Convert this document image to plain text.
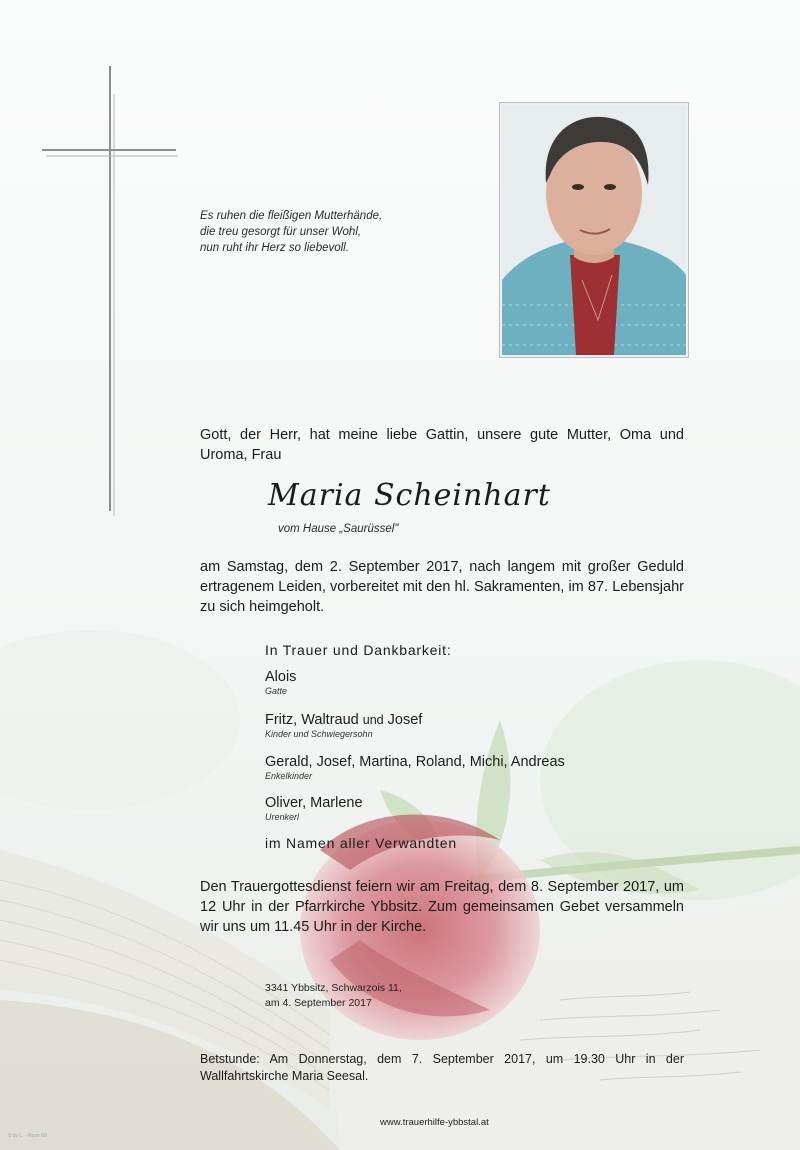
Es ruhen die fleißigen Mutterhände,
die treu gesorgt für unser Wohl,
nun ruht ihr Herz so liebevoll.
Gott, der Herr, hat meine liebe Gattin, unsere gute Mutter, Oma und Uroma, Frau
Maria Scheinhart
vom Hause „Saurüssel"
am Samstag, dem 2. September 2017, nach langem mit großer Geduld ertragenem Leiden, vorbereitet mit den hl. Sakramenten, im 87. Lebensjahr zu sich heimgeholt.
In Trauer und Dankbarkeit:
Alois
Gatte
Fritz, Waltraud und Josef
Kinder und Schwiegersohn
Gerald, Josef, Martina, Roland, Michi, Andreas
Enkelkinder
Oliver, Marlene
Urenkerl
im Namen aller Verwandten
Den Trauergottesdienst feiern wir am Freitag, dem 8. September 2017, um 12 Uhr in der Pfarrkirche Ybbsitz. Zum gemeinsamen Gebet versammeln wir uns um 11.45 Uhr in der Kirche.
3341 Ybbsitz, Schwarzois 11,
am 4. September 2017
Betstunde: Am Donnerstag, dem 7. September 2017, um 19.30 Uhr in der Wallfahrtskirche Maria Seesal.
www.trauerhilfe-ybbstal.at
S by L. - Rose 60
